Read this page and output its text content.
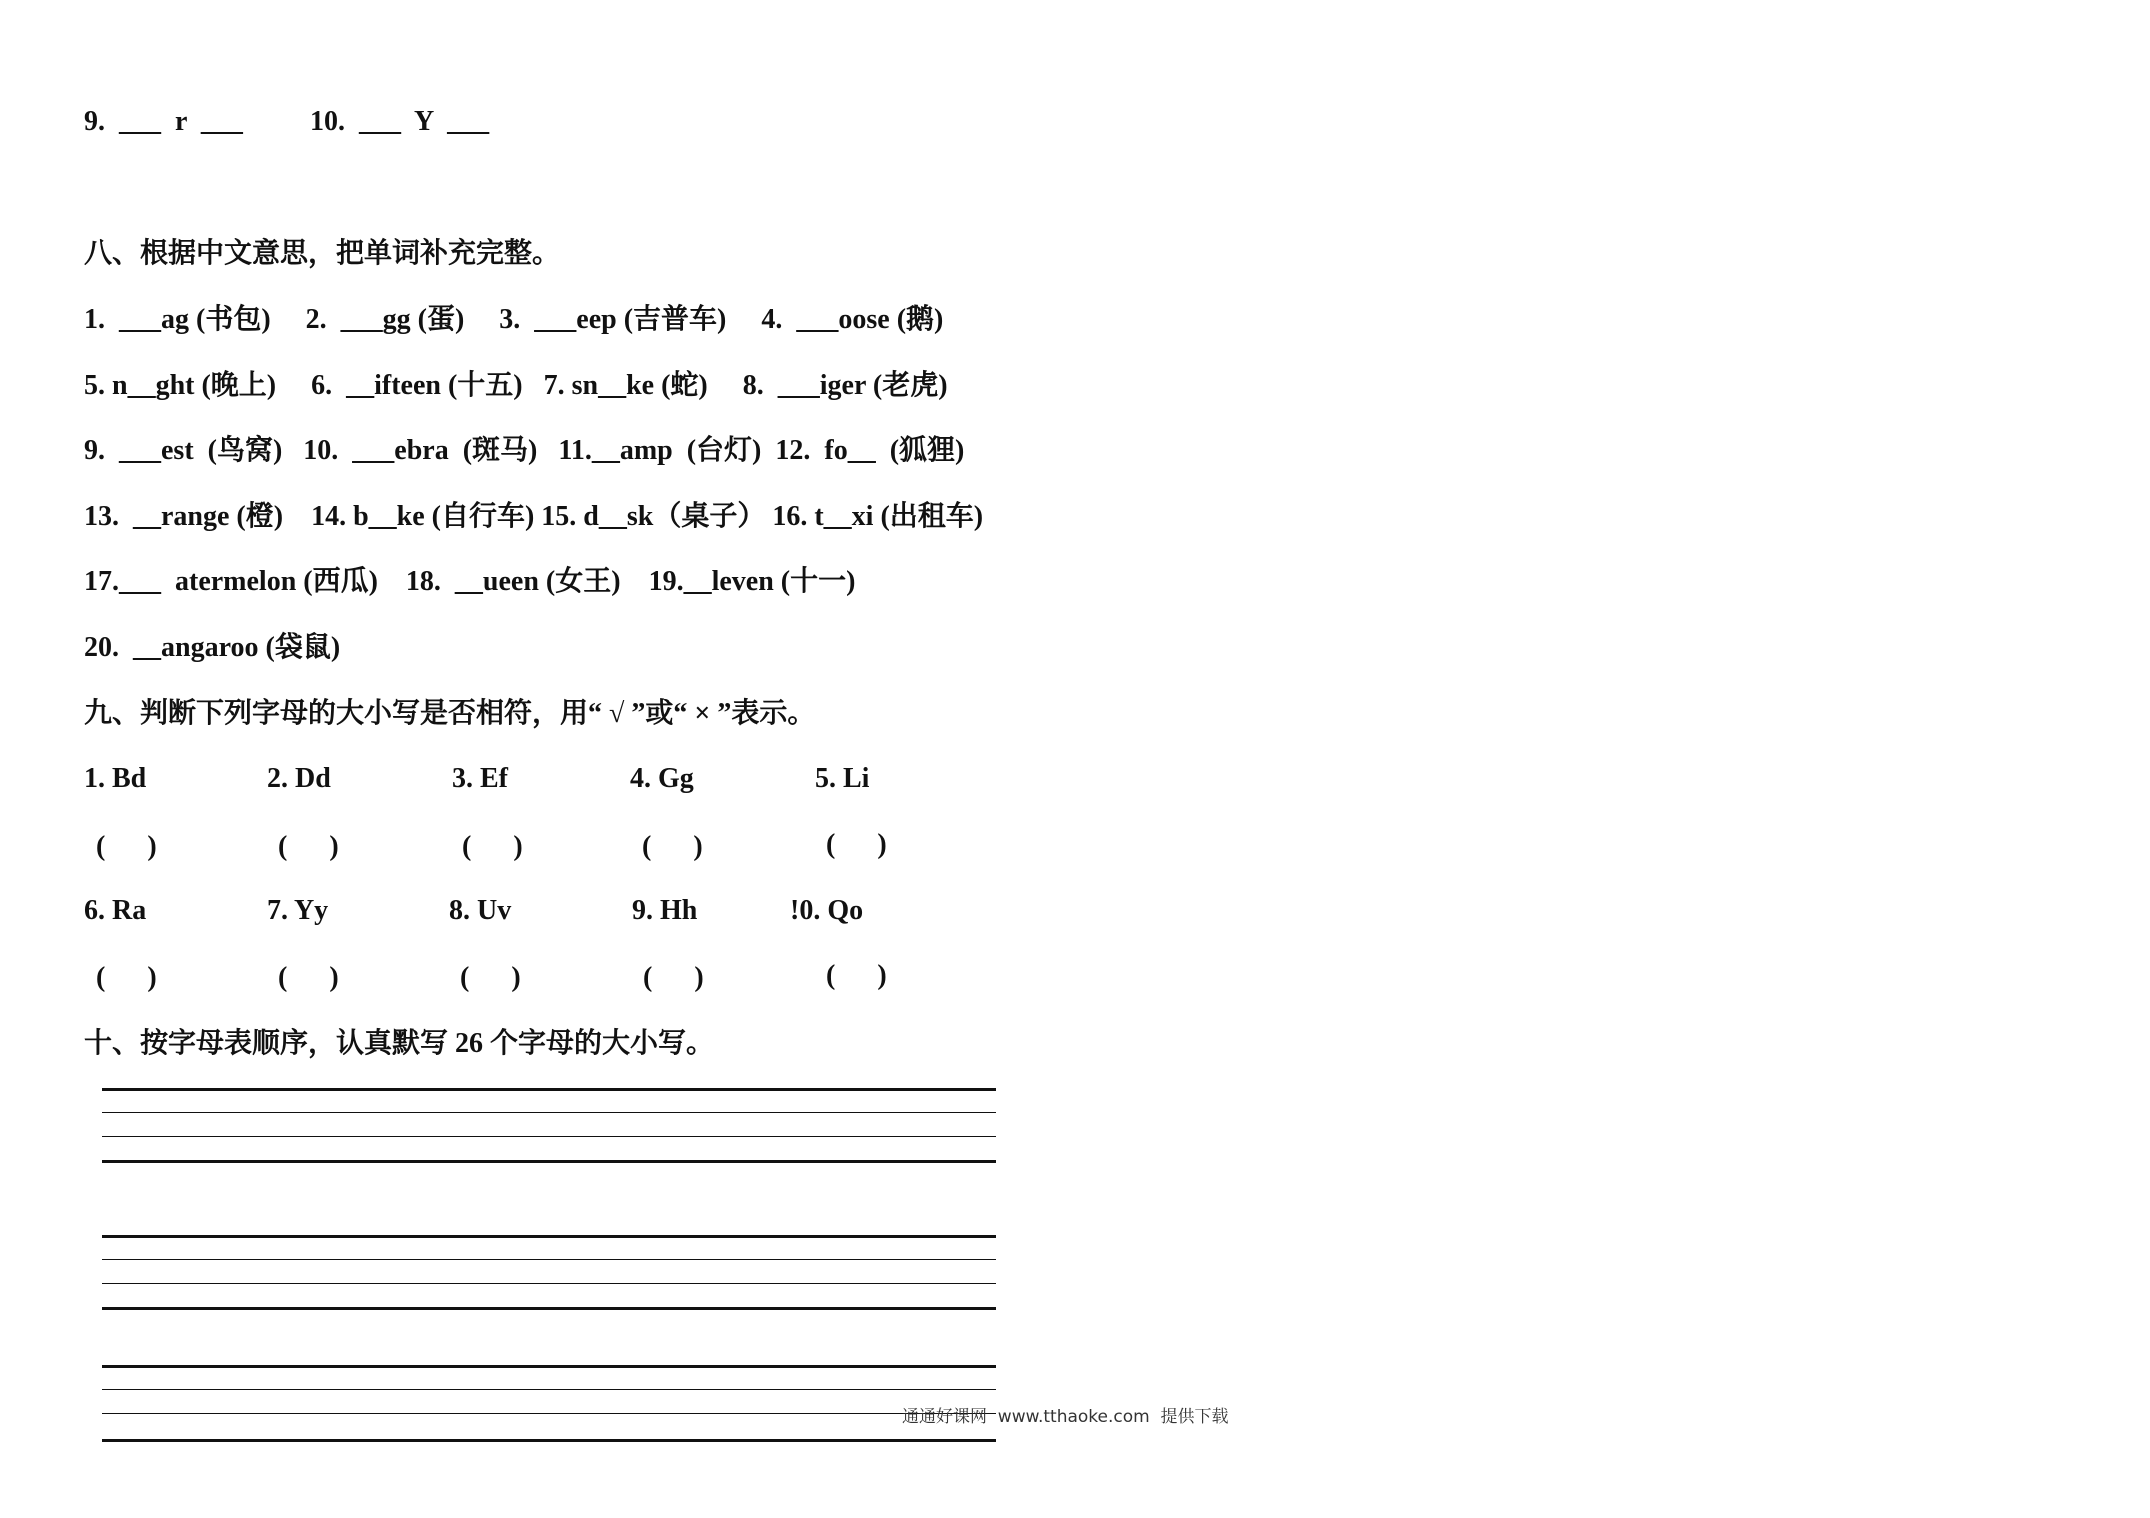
9.  ___  r  ___ 10.  ___  Y  ___
八、根据中文意思，把单词补充完整。
1.  ___ag (书包)     2.  ___gg (蛋)     3.  ___eep (吉普车)     4.  ___oose (鹅)
5. n__ght (晚上)     6.  __ifteen (十五)   7. sn__ke (蛇)     8.  ___iger (老虎)
9.  ___est  (鸟窝)   10.  ___ebra  (斑马)   11.__amp  (台灯)  12.  fo__  (狐狸)
13.  __range (橙)    14. b__ke (自行车) 15. d__sk（桌子） 16. t__xi (出租车)
17.___  atermelon (西瓜)    18.  __ueen (女王)    19.__leven (十一)
20.  __angaroo (袋鼠)
九、判断下列字母的大小写是否相符，用“ √ ”或“ × ”表示。
1. Bd	2. Dd	3. Ef	4. Gg	5. Li
(      )	(      )	(      )	(      )	(      )
6. Ra	7. Yy	8. Uv	9. Hh	!0. Qo
(      )	(      )	(      )	(      )	(      )
十、按字母表顺序，认真默写 26 个字母的大小写。
通通好课网  www.tthaoke.com  提供下载
